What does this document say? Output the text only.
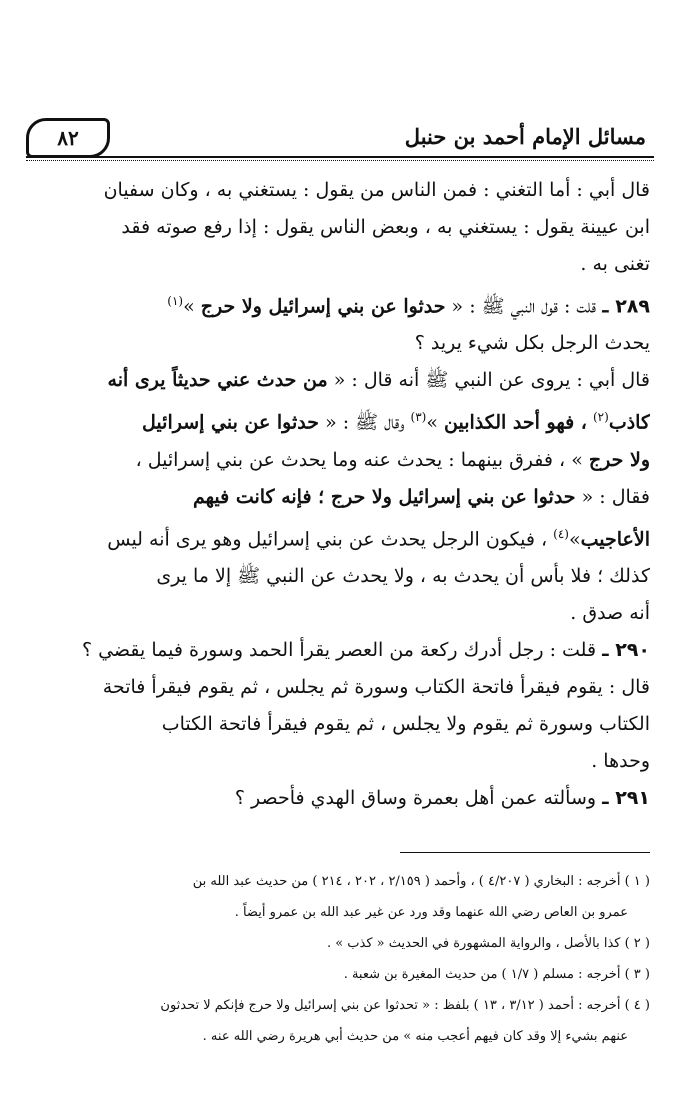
٨٢	مسائل الإمام أحمد بن حنبل
قال أبي : أما التغني : فمن الناس من يقول : يستغني به ، وكان سفيان
ابن عيينة يقول : يستغني به ، وبعض الناس يقول : إذا رفع صوته فقد
تغنى به .
٢٨٩ ـ قلت : قول النبي ﷺ : « حدثوا عن بني إسرائيل ولا حرج »$^{(١)}$
يحدث الرجل بكل شيء يريد ؟
قال أبي : يروى عن النبي ﷺ أنه قال : « من حدث عني حديثاً يرى أنه
كاذب$^{(٢)}$ ، فهو أحد الكذابين »$^{(٣)}$ وقال ﷺ : « حدثوا عن بني إسرائيل
ولا حرج » ، ففرق بينهما : يحدث عنه وما يحدث عن بني إسرائيل ،
فقال : « حدثوا عن بني إسرائيل ولا حرج ؛ فإنه كانت فيهم
الأعاجيب»$^{(٤)}$ ، فيكون الرجل يحدث عن بني إسرائيل وهو يرى أنه ليس
كذلك ؛ فلا بأس أن يحدث به ، ولا يحدث عن النبي ﷺ إلا ما يرى
أنه صدق .
٢٩٠ ـ قلت : رجل أدرك ركعة من العصر يقرأ الحمد وسورة فيما يقضي ؟
قال : يقوم فيقرأ فاتحة الكتاب وسورة ثم يجلس ، ثم يقوم فيقرأ فاتحة
الكتاب وسورة ثم يقوم ولا يجلس ، ثم يقوم فيقرأ فاتحة الكتاب
وحدها .
٢٩١ ـ وسألته عمن أهل بعمرة وساق الهدي فأحصر ؟
( ١ ) أخرجه : البخاري ( ٤/٢٠٧ ) ، وأحمد ( ٢/١٥٩ ، ٢٠٢ ، ٢١٤ ) من حديث عبد الله بن
عمرو بن العاص رضي الله عنهما وقد ورد عن غير عبد الله بن عمرو أيضاً .
( ٢ ) كذا بالأصل ، والرواية المشهورة في الحديث « كذب » .
( ٣ ) أخرجه : مسلم ( ١/٧ ) من حديث المغيرة بن شعبة .
( ٤ ) أخرجه : أحمد ( ٣/١٢ ، ١٣ ) بلفظ : « تحدثوا عن بني إسرائيل ولا حرج فإنكم لا تحدثون
عنهم بشيء إلا وقد كان فيهم أعجب منه » من حديث أبي هريرة رضي الله عنه .
